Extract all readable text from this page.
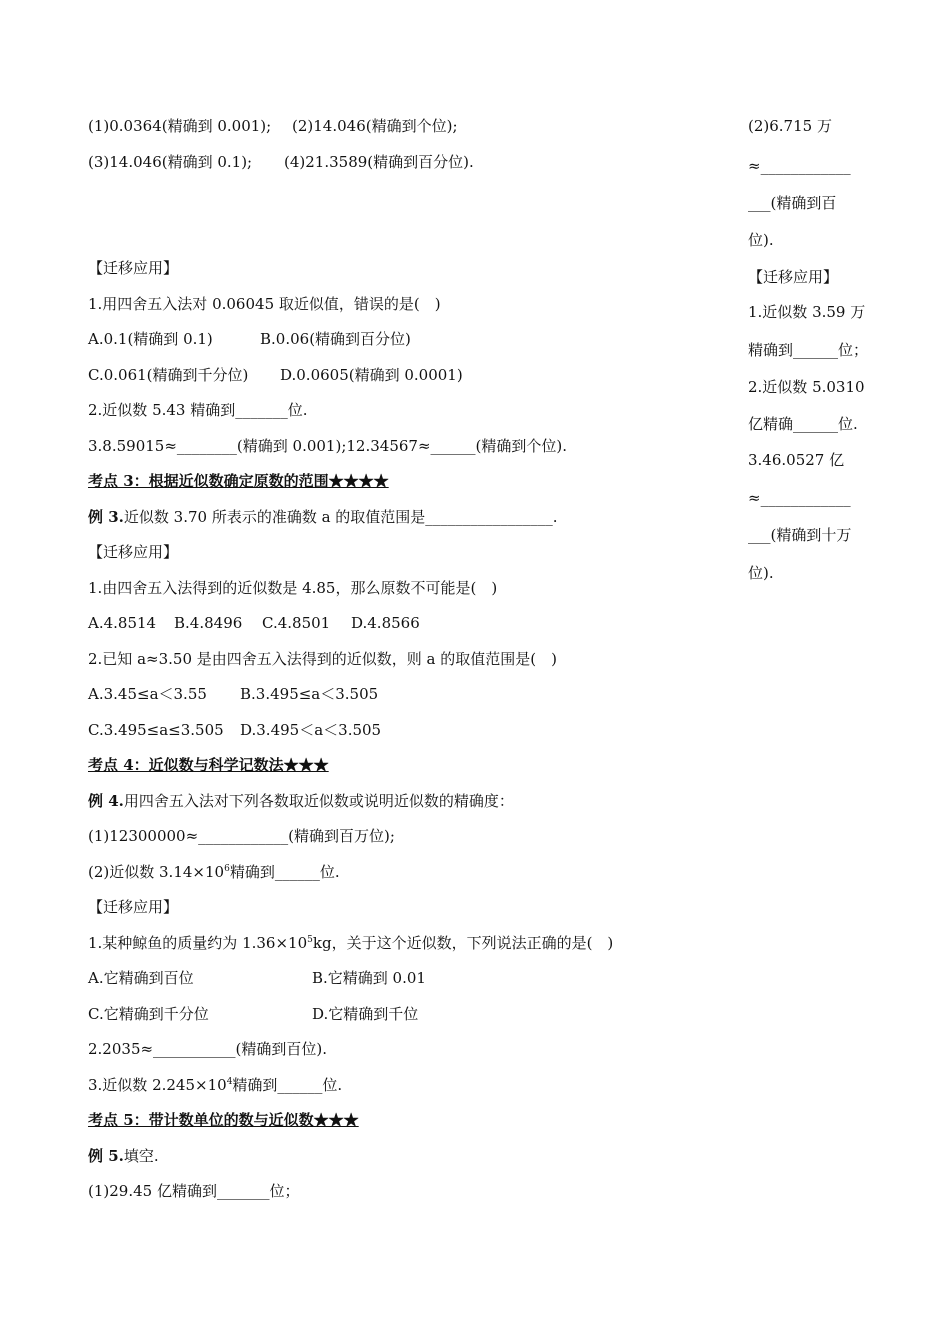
(1)0.0364(精确到 0.001); (2)14.046(精确到个位);
(3)14.046(精确到 0.1); (4)21.3589(精确到百分位).
【迁移应用】
1.用四舍五入法对 0.06045 取近似值，错误的是(　)
A.0.1(精确到 0.1)	B.0.06(精确到百分位)
C.0.061(精确到千分位) D.0.0605(精确到 0.0001)
2.近似数 5.43 精确到_______位.
3.8.59015≈________(精确到 0.001);12.34567≈______(精确到个位).
考点 3：根据近似数确定原数的范围★★★★
例 3.近似数 3.70 所表示的准确数 a 的取值范围是_________________.
【迁移应用】
1.由四舍五入法得到的近似数是 4.85，那么原数不可能是(　)
A.4.8514 B.4.8496 C.4.8501 D.4.8566
2.已知 a≈3.50 是由四舍五入法得到的近似数，则 a 的取值范围是(　)
A.3.45≤a＜3.55 B.3.495≤a＜3.505
C.3.495≤a≤3.505 D.3.495＜a＜3.505
考点 4：近似数与科学记数法★★★
例 4.用四舍五入法对下列各数取近似数或说明近似数的精确度：
(1)12300000≈____________(精确到百万位);
(2)近似数 $3.14\times 10^6$精确到______位.
【迁移应用】
1.某种鲸鱼的质量约为 $1.36\times 10^5kg$，关于这个近似数，下列说法正确的是(　)
A.它精确到百位	B.它精确到 0.01
C.它精确到千分位	D.它精确到千位
2.2035≈___________(精确到百位).
3.近似数 $2.245\times 10^4$精确到______位.
考点 5：带计数单位的数与近似数★★★
例 5.填空.
(1)29.45 亿精确到_______位；
(2)6.715 万
≈____________
___(精确到百
位).
【迁移应用】
1.近似数 3.59 万
精确到______位；
2.近似数 5.0310
亿精确______位.
3.46.0527 亿
≈____________
___(精确到十万
位).
